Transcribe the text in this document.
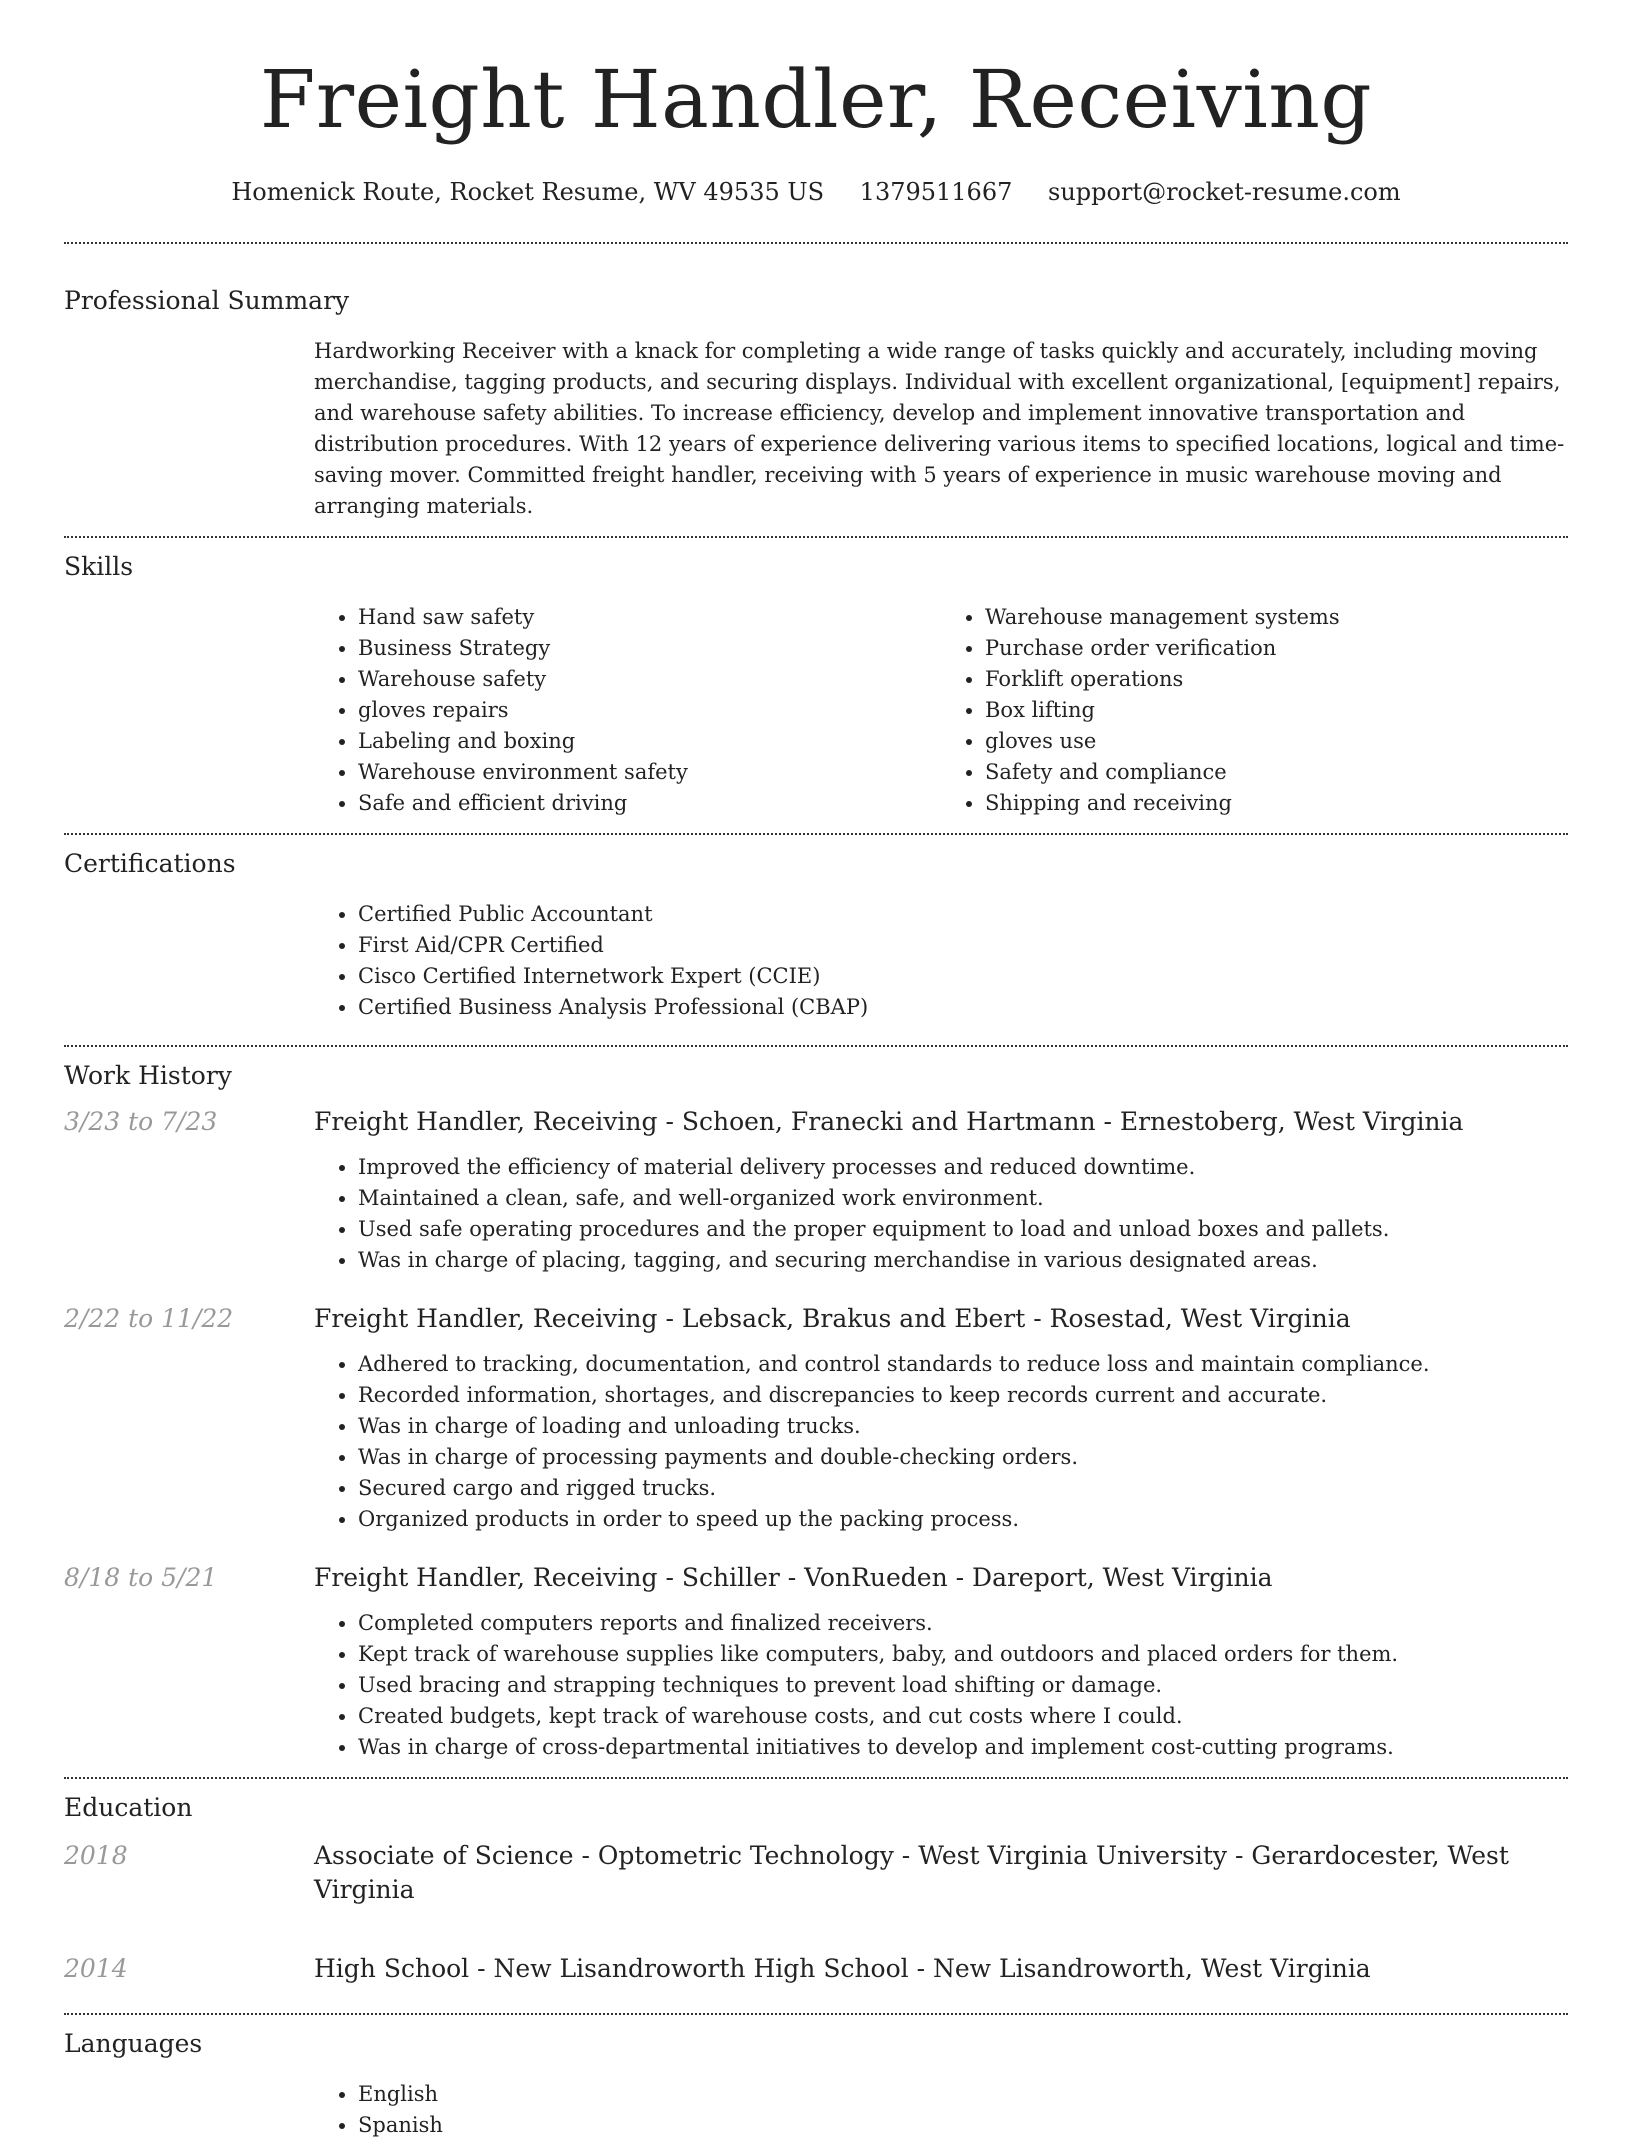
Freight Handler, Receiving
Homenick Route, Rocket Resume, WV 49535 US 1379511667 support@rocket-resume.com
Professional Summary

Hardworking Receiver with a knack for completing a wide range of tasks quickly and accurately, including moving merchandise, tagging products, and securing displays. Individual with excellent organizational, [equipment] repairs, and warehouse safety abilities. To increase efficiency, develop and implement innovative transportation and distribution procedures. With 12 years of experience delivering various items to specified locations, logical and time-saving mover. Committed freight handler, receiving with 5 years of experience in music warehouse moving and arranging materials.

Skills
• Hand saw safety
• Business Strategy
• Warehouse safety
• gloves repairs
• Labeling and boxing
• Warehouse environment safety
• Safe and efficient driving
• Warehouse management systems
• Purchase order verification
• Forklift operations
• Box lifting
• gloves use
• Safety and compliance
• Shipping and receiving
Certifications
• Certified Public Accountant
• First Aid/CPR Certified
• Cisco Certified Internetwork Expert (CCIE)
• Certified Business Analysis Professional (CBAP)
Work History
3/23 to 7/23	Freight Handler, Receiving - Schoen, Franecki and Hartmann - Ernestoberg, West Virginia
• Improved the efficiency of material delivery processes and reduced downtime.
• Maintained a clean, safe, and well-organized work environment.
• Used safe operating procedures and the proper equipment to load and unload boxes and pallets.
• Was in charge of placing, tagging, and securing merchandise in various designated areas.
2/22 to 11/22	Freight Handler, Receiving - Lebsack, Brakus and Ebert - Rosestad, West Virginia
• Adhered to tracking, documentation, and control standards to reduce loss and maintain compliance.
• Recorded information, shortages, and discrepancies to keep records current and accurate.
• Was in charge of loading and unloading trucks.
• Was in charge of processing payments and double-checking orders.
• Secured cargo and rigged trucks.
• Organized products in order to speed up the packing process.
8/18 to 5/21	Freight Handler, Receiving - Schiller - VonRueden - Dareport, West Virginia
• Completed computers reports and finalized receivers.
• Kept track of warehouse supplies like computers, baby, and outdoors and placed orders for them.
• Used bracing and strapping techniques to prevent load shifting or damage.
• Created budgets, kept track of warehouse costs, and cut costs where I could.
• Was in charge of cross-departmental initiatives to develop and implement cost-cutting programs.
Education
2018	Associate of Science - Optometric Technology - West Virginia University - Gerardocester, West Virginia
2014	High School - New Lisandroworth High School - New Lisandroworth, West Virginia
Languages
• English
• Spanish
